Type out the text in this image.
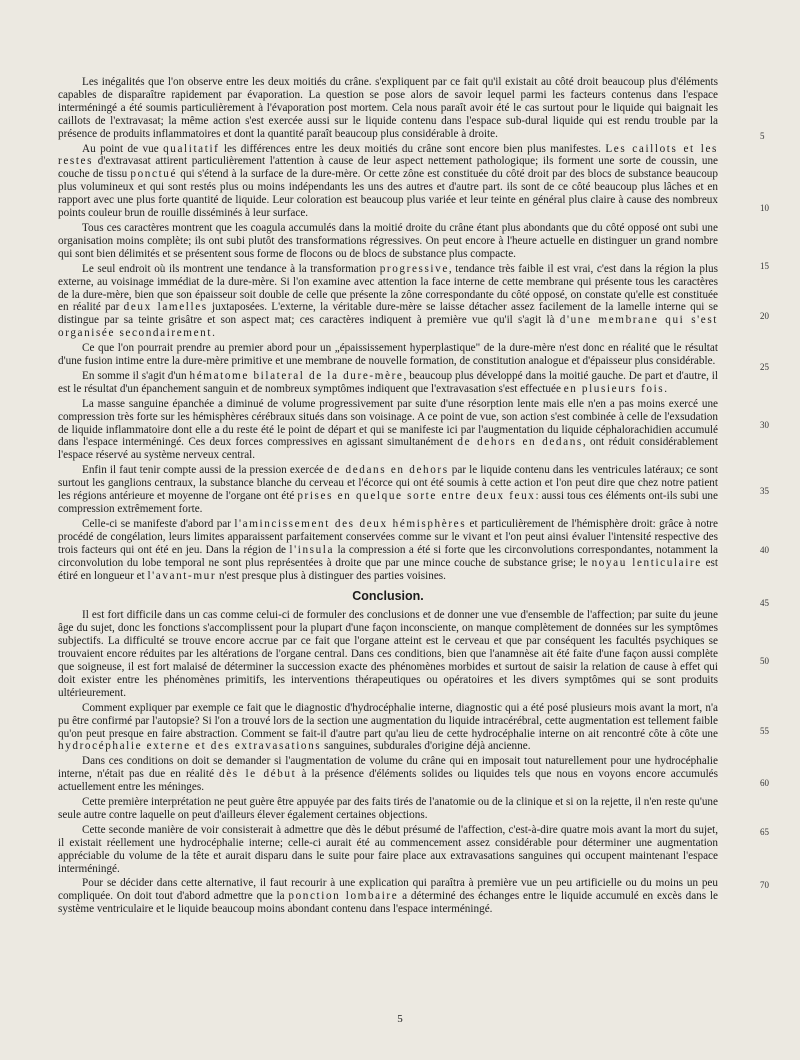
Les inégalités que l'on observe entre les deux moitiés du crâne. s'expliquent par ce fait qu'il existait au côté droit beaucoup plus d'éléments capables de disparaître rapidement par évaporation. La question se pose alors de savoir lequel parmi les facteurs contenus dans l'espace interméningé a été soumis particulièrement à l'évaporation post mortem. Cela nous paraît avoir été le cas surtout pour le liquide qui baignait les caillots de l'extravasat; la même action s'est exercée aussi sur le liquide contenu dans l'espace sub-dural liquide qui est rendu trouble par la présence de produits inflammatoires et dont la quantité paraît beaucoup plus considérable à droite.

Au point de vue qualitatif les différences entre les deux moitiés du crâne sont encore bien plus manifestes. Les caillots et les restes d'extravasat attirent particulièrement l'attention à cause de leur aspect nettement pathologique; ils forment une sorte de coussin, une couche de tissu ponctué qui s'étend à la surface de la dure-mère. Or cette zône est constituée du côté droit par des blocs de substance beaucoup plus volumineux et qui sont restés plus ou moins indépendants les uns des autres et d'autre part. ils sont de ce côté beaucoup plus lâches et en rapport avec une plus forte quantité de liquide. Leur coloration est beaucoup plus variée et leur teinte en général plus claire à cause des nombreux points couleur brun de rouille disséminés à leur surface.

Tous ces caractères montrent que les coagula accumulés dans la moitié droite du crâne étant plus abondants que du côté opposé ont subi une organisation moins complète; ils ont subi plutôt des transformations régressives. On peut encore à l'heure actuelle en distinguer un grand nombre qui sont bien délimités et se présentent sous forme de flocons ou de blocs de substance plus compacte.

Le seul endroit où ils montrent une tendance à la transformation progressive, tendance très faible il est vrai, c'est dans la région la plus externe, au voisinage immédiat de la dure-mère. Si l'on examine avec attention la face interne de cette membrane qui présente tous les caractères de la dure-mère, bien que son épaisseur soit double de celle que présente la zône correspondante du côté opposé, on constate qu'elle est constituée en réalité par deux lamelles juxtaposées. L'externe, la véritable dure-mère se laisse détacher assez facilement de la lamelle interne qui se distingue par sa teinte grisâtre et son aspect mat; ces caractères indiquent à première vue qu'il s'agit là d'une membrane qui s'est organisée secondairement.

Ce que l'on pourrait prendre au premier abord pour un „épaississement hyperplastique" de la dure-mère n'est donc en réalité que le résultat d'une fusion intime entre la dure-mère primitive et une membrane de nouvelle formation, de constitution analogue et d'épaisseur plus considérable.

En somme il s'agit d'un hématome bilateral de la dure-mère, beaucoup plus développé dans la moitié gauche. De part et d'autre, il est le résultat d'un épanchement sanguin et de nombreux symptômes indiquent que l'extravasation s'est effectuée en plusieurs fois.

La masse sanguine épanchée a diminué de volume progressivement par suite d'une résorption lente mais elle n'en a pas moins exercé une compression très forte sur les hémisphères cérébraux situés dans son voisinage. A ce point de vue, son action s'est combinée à celle de l'exsudation de liquide inflammatoire dont elle a du reste été le point de départ et qui se manifeste ici par l'augmentation du liquide céphalorachidien accumulé dans l'espace interméningé. Ces deux forces compressives en agissant simultanément de dehors en dedans, ont réduit considérablement l'espace réservé au système nerveux central.

Enfin il faut tenir compte aussi de la pression exercée de dedans en dehors par le liquide contenu dans les ventricules latéraux; ce sont surtout les ganglions centraux, la substance blanche du cerveau et l'écorce qui ont été soumis à cette action et l'on peut dire que chez notre patient les régions antérieure et moyenne de l'organe ont été prises en quelque sorte entre deux feux: aussi tous ces éléments ont-ils subi une compression extrêmement forte.

Celle-ci se manifeste d'abord par l'amincissement des deux hémisphères et particulièrement de l'hémisphère droit: grâce à notre procédé de congélation, leurs limites apparaissent parfaitement conservées comme sur le vivant et l'on peut ainsi évaluer l'intensité respective des trois facteurs qui ont été en jeu. Dans la région de l'insula la compression a été si forte que les circonvolutions correspondantes, notamment la circonvolution du lobe temporal ne sont plus représentées à droite que par une mince couche de substance grise; le noyau lenticulaire est étiré en longueur et l'avant-mur n'est presque plus à distinguer des parties voisines.

Conclusion.

Il est fort difficile dans un cas comme celui-ci de formuler des conclusions et de donner une vue d'ensemble de l'affection; par suite du jeune âge du sujet, donc les fonctions s'accomplissent pour la plupart d'une façon inconsciente, on manque complètement de données sur les symptômes subjectifs. La difficulté se trouve encore accrue par ce fait que l'organe atteint est le cerveau et que par conséquent les facultés psychiques se trouvaient encore réduites par les altérations de l'organe central. Dans ces conditions, bien que l'anamnèse ait été faite d'une façon aussi complète que soigneuse, il est fort malaisé de déterminer la succession exacte des phénomènes morbides et surtout de saisir la relation de cause à effet qui doit exister entre les phénomènes primitifs, les interventions thérapeutiques ou opératoires et les divers symptômes qui se sont produits ultérieurement.

Comment expliquer par exemple ce fait que le diagnostic d'hydrocéphalie interne, diagnostic qui a été posé plusieurs mois avant la mort, n'a pu être confirmé par l'autopsie? Si l'on a trouvé lors de la section une augmentation du liquide intracérébral, cette augmentation est tellement faible qu'on peut presque en faire abstraction. Comment se fait-il d'autre part qu'au lieu de cette hydrocéphalie interne on ait rencontré côte à côte une hydrocéphalie externe et des extravasations sanguines, subdurales d'origine déjà ancienne.

Dans ces conditions on doit se demander si l'augmentation de volume du crâne qui en imposait tout naturellement pour une hydrocéphalie interne, n'était pas due en réalité dès le début à la présence d'éléments solides ou liquides tels que nous en voyons encore accumulés actuellement entre les méninges.

Cette première interprétation ne peut guère être appuyée par des faits tirés de l'anatomie ou de la clinique et si on la rejette, il n'en reste qu'une seule autre contre laquelle on peut d'ailleurs élever également certaines objections.

Cette seconde manière de voir consisterait à admettre que dès le début présumé de l'affection, c'est-à-dire quatre mois avant la mort du sujet, il existait réellement une hydrocéphalie interne; celle-ci aurait été au commencement assez considérable pour déterminer une augmentation appréciable du volume de la tête et aurait disparu dans le suite pour faire place aux extravasations sanguines qui occupent maintenant l'espace interméningé.

Pour se décider dans cette alternative, il faut recourir à une explication qui paraîtra à première vue un peu artificielle ou du moins un peu compliquée. On doit tout d'abord admettre que la ponction lombaire a déterminé des échanges entre le liquide accumulé en excès dans le système ventriculaire et le liquide beaucoup moins abondant contenu dans l'espace interméningé.

5
10
15
20
25
30
35
40
45
50
55
60
65
70
5
